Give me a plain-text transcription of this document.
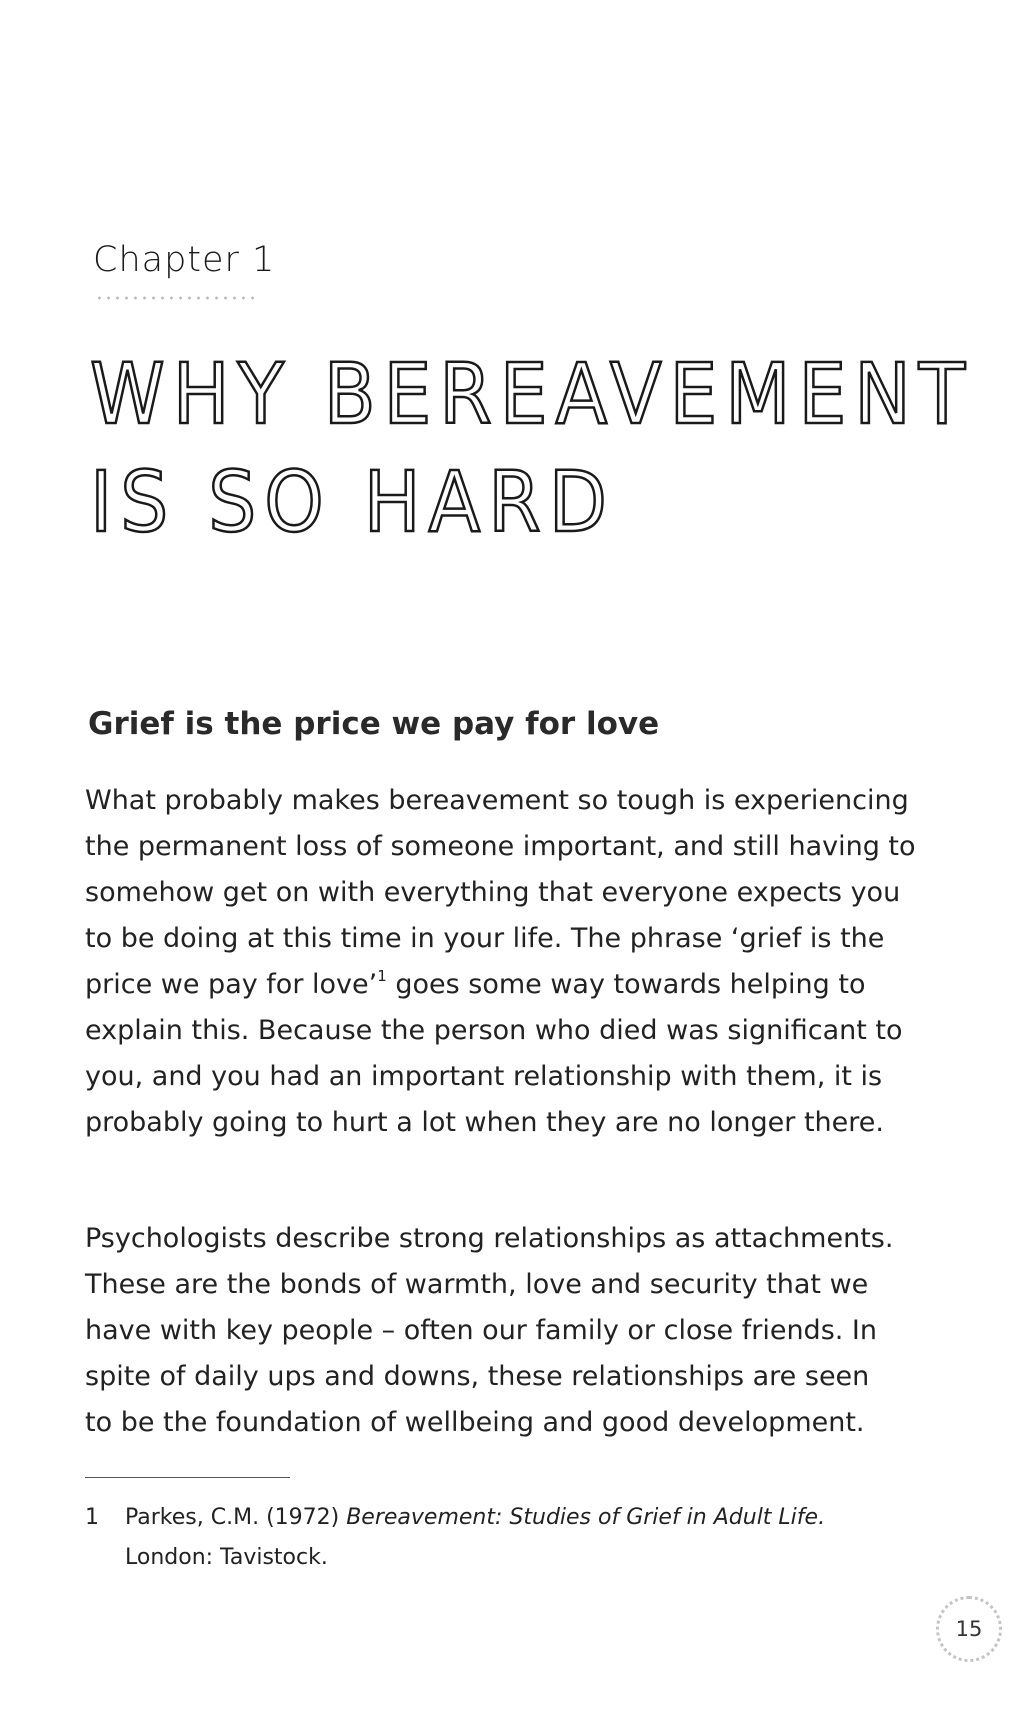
Chapter 1
WHY BEREAVEMENT
IS SO HARD
Grief is the price we pay for love

What probably makes bereavement so tough is experiencing
the permanent loss of someone important, and still having to
somehow get on with everything that everyone expects you
to be doing at this time in your life. The phrase ‘grief is the
price we pay for love’$^1$ goes some way towards helping to
explain this. Because the person who died was significant to
you, and you had an important relationship with them, it is
probably going to hurt a lot when they are no longer there.

Psychologists describe strong relationships as attachments.
These are the bonds of warmth, love and security that we
have with key people – often our family or close friends. In
spite of daily ups and downs, these relationships are seen
to be the foundation of wellbeing and good development.

1 Parkes, C.M. (1972) Bereavement: Studies of Grief in Adult Life.
London: Tavistock.
15
